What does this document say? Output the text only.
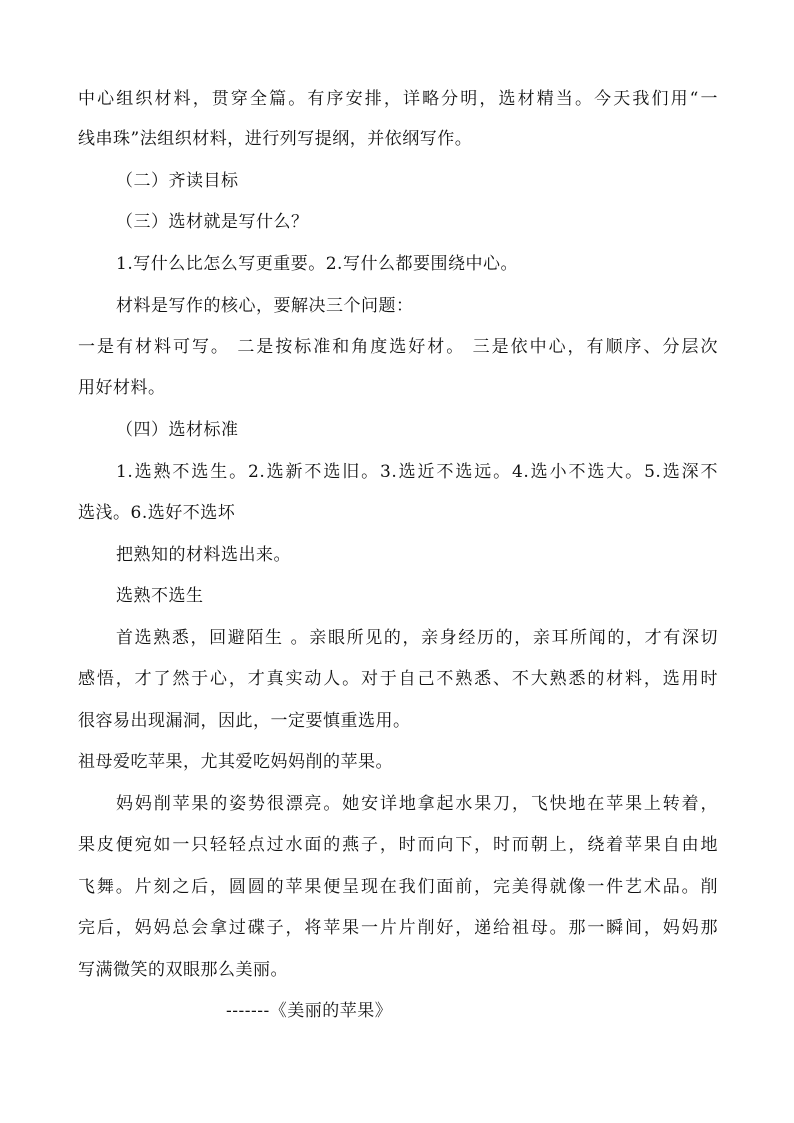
中心组织材料，贯穿全篇。有序安排，详略分明，选材精当。今天我们用“一
线串珠”法组织材料，进行列写提纲，并依纲写作。
（二）齐读目标
（三）选材就是写什么？
1.写什么比怎么写更重要。2.写什么都要围绕中心。
材料是写作的核心，要解决三个问题：
一是有材料可写。 二是按标准和角度选好材。 三是依中心，有顺序、分层次
用好材料。
（四）选材标准
1.选熟不选生。2.选新不选旧。3.选近不选远。4.选小不选大。5.选深不
选浅。6.选好不选坏
把熟知的材料选出来。
选熟不选生
首选熟悉，回避陌生 。亲眼所见的，亲身经历的，亲耳所闻的，才有深切
感悟，才了然于心，才真实动人。对于自己不熟悉、不大熟悉的材料，选用时
很容易出现漏洞，因此，一定要慎重选用。
祖母爱吃苹果，尤其爱吃妈妈削的苹果。
妈妈削苹果的姿势很漂亮。她安详地拿起水果刀，飞快地在苹果上转着，
果皮便宛如一只轻轻点过水面的燕子，时而向下，时而朝上，绕着苹果自由地
飞舞。片刻之后，圆圆的苹果便呈现在我们面前，完美得就像一件艺术品。削
完后，妈妈总会拿过碟子，将苹果一片片削好，递给祖母。那一瞬间，妈妈那
写满微笑的双眼那么美丽。
-------《美丽的苹果》
